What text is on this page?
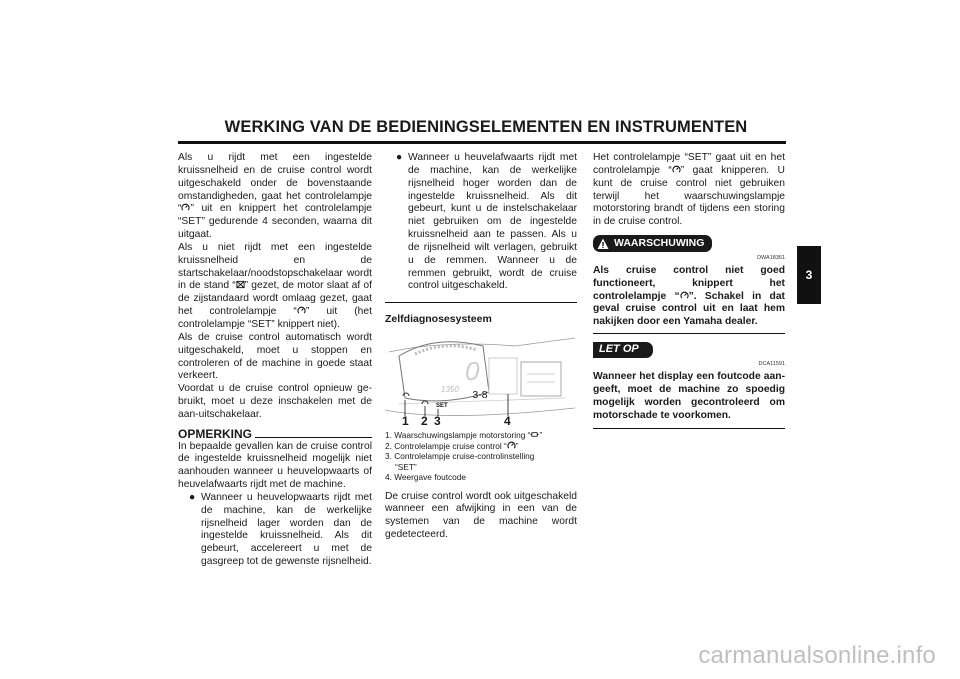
WERKING VAN DE BEDIENINGSELEMENTEN EN INSTRUMENTEN
3

Als u rijdt met een ingestelde kruissnelheid en de cruise control wordt uitgeschakeld onder de bovenstaande omstandigheden, gaat het controlelampje “ ” uit en knippert het controlelampje “SET” gedurende 4 seconden, waarna dit uitgaat.

Als u niet rijdt met een ingestelde kruissnelheid en de startschakelaar/noodstopschakelaar wordt in de stand “ ” gezet, de motor slaat af of de zijstandaard wordt omlaag gezet, gaat het controlelampje “ ” uit (het controlelampje “SET” knippert niet).

Als de cruise control automatisch wordt uitgeschakeld, moet u stoppen en controleren of de machine in goede staat verkeert.

Voordat u de cruise control opnieuw gebruikt, moet u deze inschakelen met de aan-uitschakelaar.

OPMERKING

In bepaalde gevallen kan de cruise control de ingestelde kruissnelheid mogelijk niet aanhouden wanneer u heuvelopwaarts of heuvelafwaarts rijdt met de machine.

● Wanneer u heuvelopwaarts rijdt met de machine, kan de werkelijke rijsnelheid lager worden dan de ingestelde kruissnelheid. Als dit gebeurt, accelereert u met de gasgreep tot de gewenste rijsnelheid.

● Wanneer u heuvelafwaarts rijdt met de machine, kan de werkelijke rijsnelheid hoger worden dan de ingestelde kruissnelheid. Als dit gebeurt, kunt u de instelschakelaar niet gebruiken om de ingestelde kruissnelheid aan te passen. Als u de rijsnelheid wilt verlagen, gebruikt u de remmen. Wanneer u de remmen gebruikt, wordt de cruise control uitgeschakeld.

Zelfdiagnosesysteem
0
1350
SET
1 2 3	4

1. Waarschuwingslampje motorstoring “ ”

2. Controlelampje cruise control “ ”

3. Controlelampje cruise-controlinstelling

“SET”

4. Weergave foutcode

De cruise control wordt ook uitgeschakeld wanneer een afwijking in een van de systemen van de machine wordt gedetecteerd.

Het controlelampje “SET” gaat uit en het controlelampje “ ” gaat knipperen. U kunt de cruise control niet gebruiken terwijl het waarschuwingslampje motorstoring brandt of tijdens een storing in de cruise control.

WAARSCHUWING
DWA18361

Als cruise control niet goed functioneert, knippert het controlelampje “ ”. Schakel in dat geval cruise control uit en laat hem nakijken door een Yamaha dealer.

LET OP
DCA11591

Wanneer het display een foutcode aangeeft, moet de machine zo spoedig mogelijk worden gecontroleerd om motorschade te voorkomen.

3-8
carmanualsonline.info
